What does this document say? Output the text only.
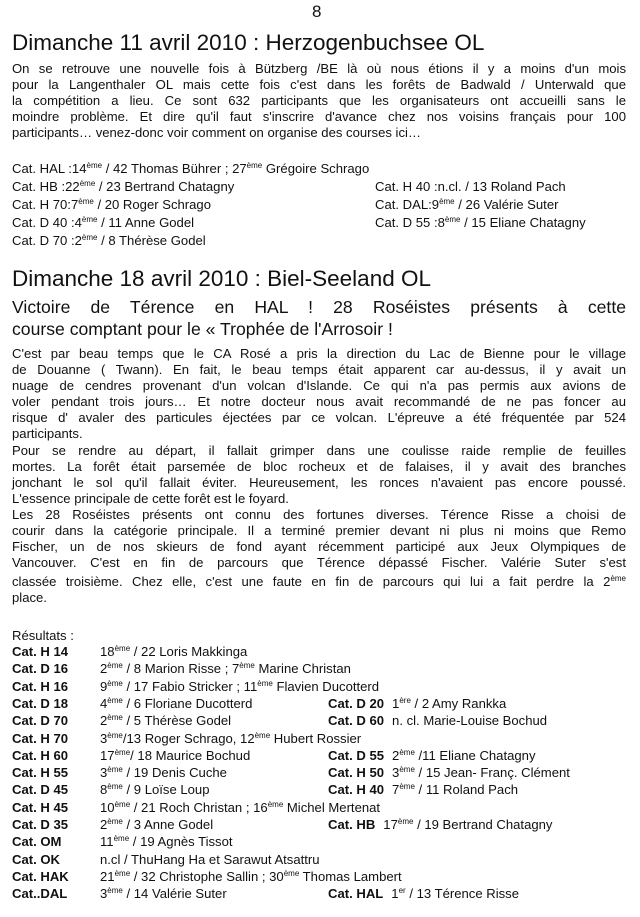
8
Dimanche 11 avril 2010 : Herzogenbuchsee OL
On se retrouve une nouvelle fois à Bützberg /BE là où nous étions il y a moins d'un mois
pour la Langenthaler OL mais cette fois c'est dans les forêts de Badwald / Unterwald que
la compétition a lieu. Ce sont 632 participants que les organisateurs ont accueilli sans le
moindre problème. Et dire qu'il faut s'inscrire d'avance chez nos voisins français pour 100
participants… venez-donc voir comment on organise des courses ici…
Cat. HAL :14ème / 42 Thomas Bührer ; 27ème Grégoire Schrago
Cat. HB :22ème / 23 Bertrand Chatagny	Cat. H 40 :n.cl. / 13 Roland Pach
Cat. H 70:7ème / 20 Roger Schrago	Cat. DAL:9ème / 26 Valérie Suter
Cat. D 40 :4ème / 11 Anne Godel	Cat. D 55 :8ème / 15 Eliane Chatagny
Cat. D 70 :2ème / 8 Thérèse Godel
Dimanche 18 avril 2010 : Biel-Seeland OL
Victoire de Térence en HAL ! 28 Roséistes présents à cette
course comptant pour le « Trophée de l'Arrosoir !
C'est par beau temps que le CA Rosé a pris la direction du Lac de Bienne pour le village
de Douanne ( Twann). En fait, le beau temps était apparent car au-dessus, il y avait un
nuage de cendres provenant d'un volcan d'Islande. Ce qui n'a pas permis aux avions de
voler pendant trois jours… Et notre docteur nous avait recommandé de ne pas foncer au
risque d' avaler des particules éjectées par ce volcan. L'épreuve a été fréquentée par 524
participants.
Pour se rendre au départ, il fallait grimper dans une coulisse raide remplie de feuilles
mortes. La forêt était parsemée de bloc rocheux et de falaises, il y avait des branches
jonchant le sol qu'il fallait éviter. Heureusement, les ronces n'avaient pas encore poussé.
L'essence principale de cette forêt est le foyard.
Les 28 Roséistes présents ont connu des fortunes diverses. Térence Risse a choisi de
courir dans la catégorie principale. Il a terminé premier devant ni plus ni moins que Remo
Fischer, un de nos skieurs de fond ayant récemment participé aux Jeux Olympiques de
Vancouver. C'est en fin de parcours que Térence dépassé Fischer. Valérie Suter s'est
classée troisième. Chez elle, c'est une faute en fin de parcours qui lui a fait perdre la 2ème
place.
Résultats :
Cat. H 14 18ème / 22 Loris Makkinga
Cat. D 16 2ème / 8 Marion Risse ; 7ème Marine Christan
Cat. H 16 9ème / 17 Fabio Stricker ; 11ème Flavien Ducotterd
Cat. D 18 4ème / 6 Floriane Ducotterd	Cat. D 20 1ère / 2 Amy Rankka
Cat. D 70 2ème / 5 Thérèse Godel	Cat. D 60 n. cl. Marie-Louise Bochud
Cat. H 70 3ème/13 Roger Schrago, 12ème Hubert Rossier
Cat. H 60 17ème/ 18 Maurice Bochud	Cat. D 55 2ème /11 Eliane Chatagny
Cat. H 55 3ème / 19 Denis Cuche	Cat. H 50 3ème / 15 Jean- Franç. Clément
Cat. D 45 8ème / 9 Loïse Loup	Cat. H 40 7ème / 11 Roland Pach
Cat. H 45 10ème / 21 Roch Christan ; 16ème Michel Mertenat
Cat. D 35 2ème / 3 Anne Godel	Cat. HB 17ème / 19 Bertrand Chatagny
Cat. OM	11ème / 19 Agnès Tissot
Cat. OK	n.cl / ThuHang Ha et Sarawut Atsattru
Cat. HAK 21ème / 32 Christophe Sallin ; 30ème Thomas Lambert
Cat..DAL 3ème / 14 Valérie Suter	Cat. HAL 1er / 13 Térence Risse
